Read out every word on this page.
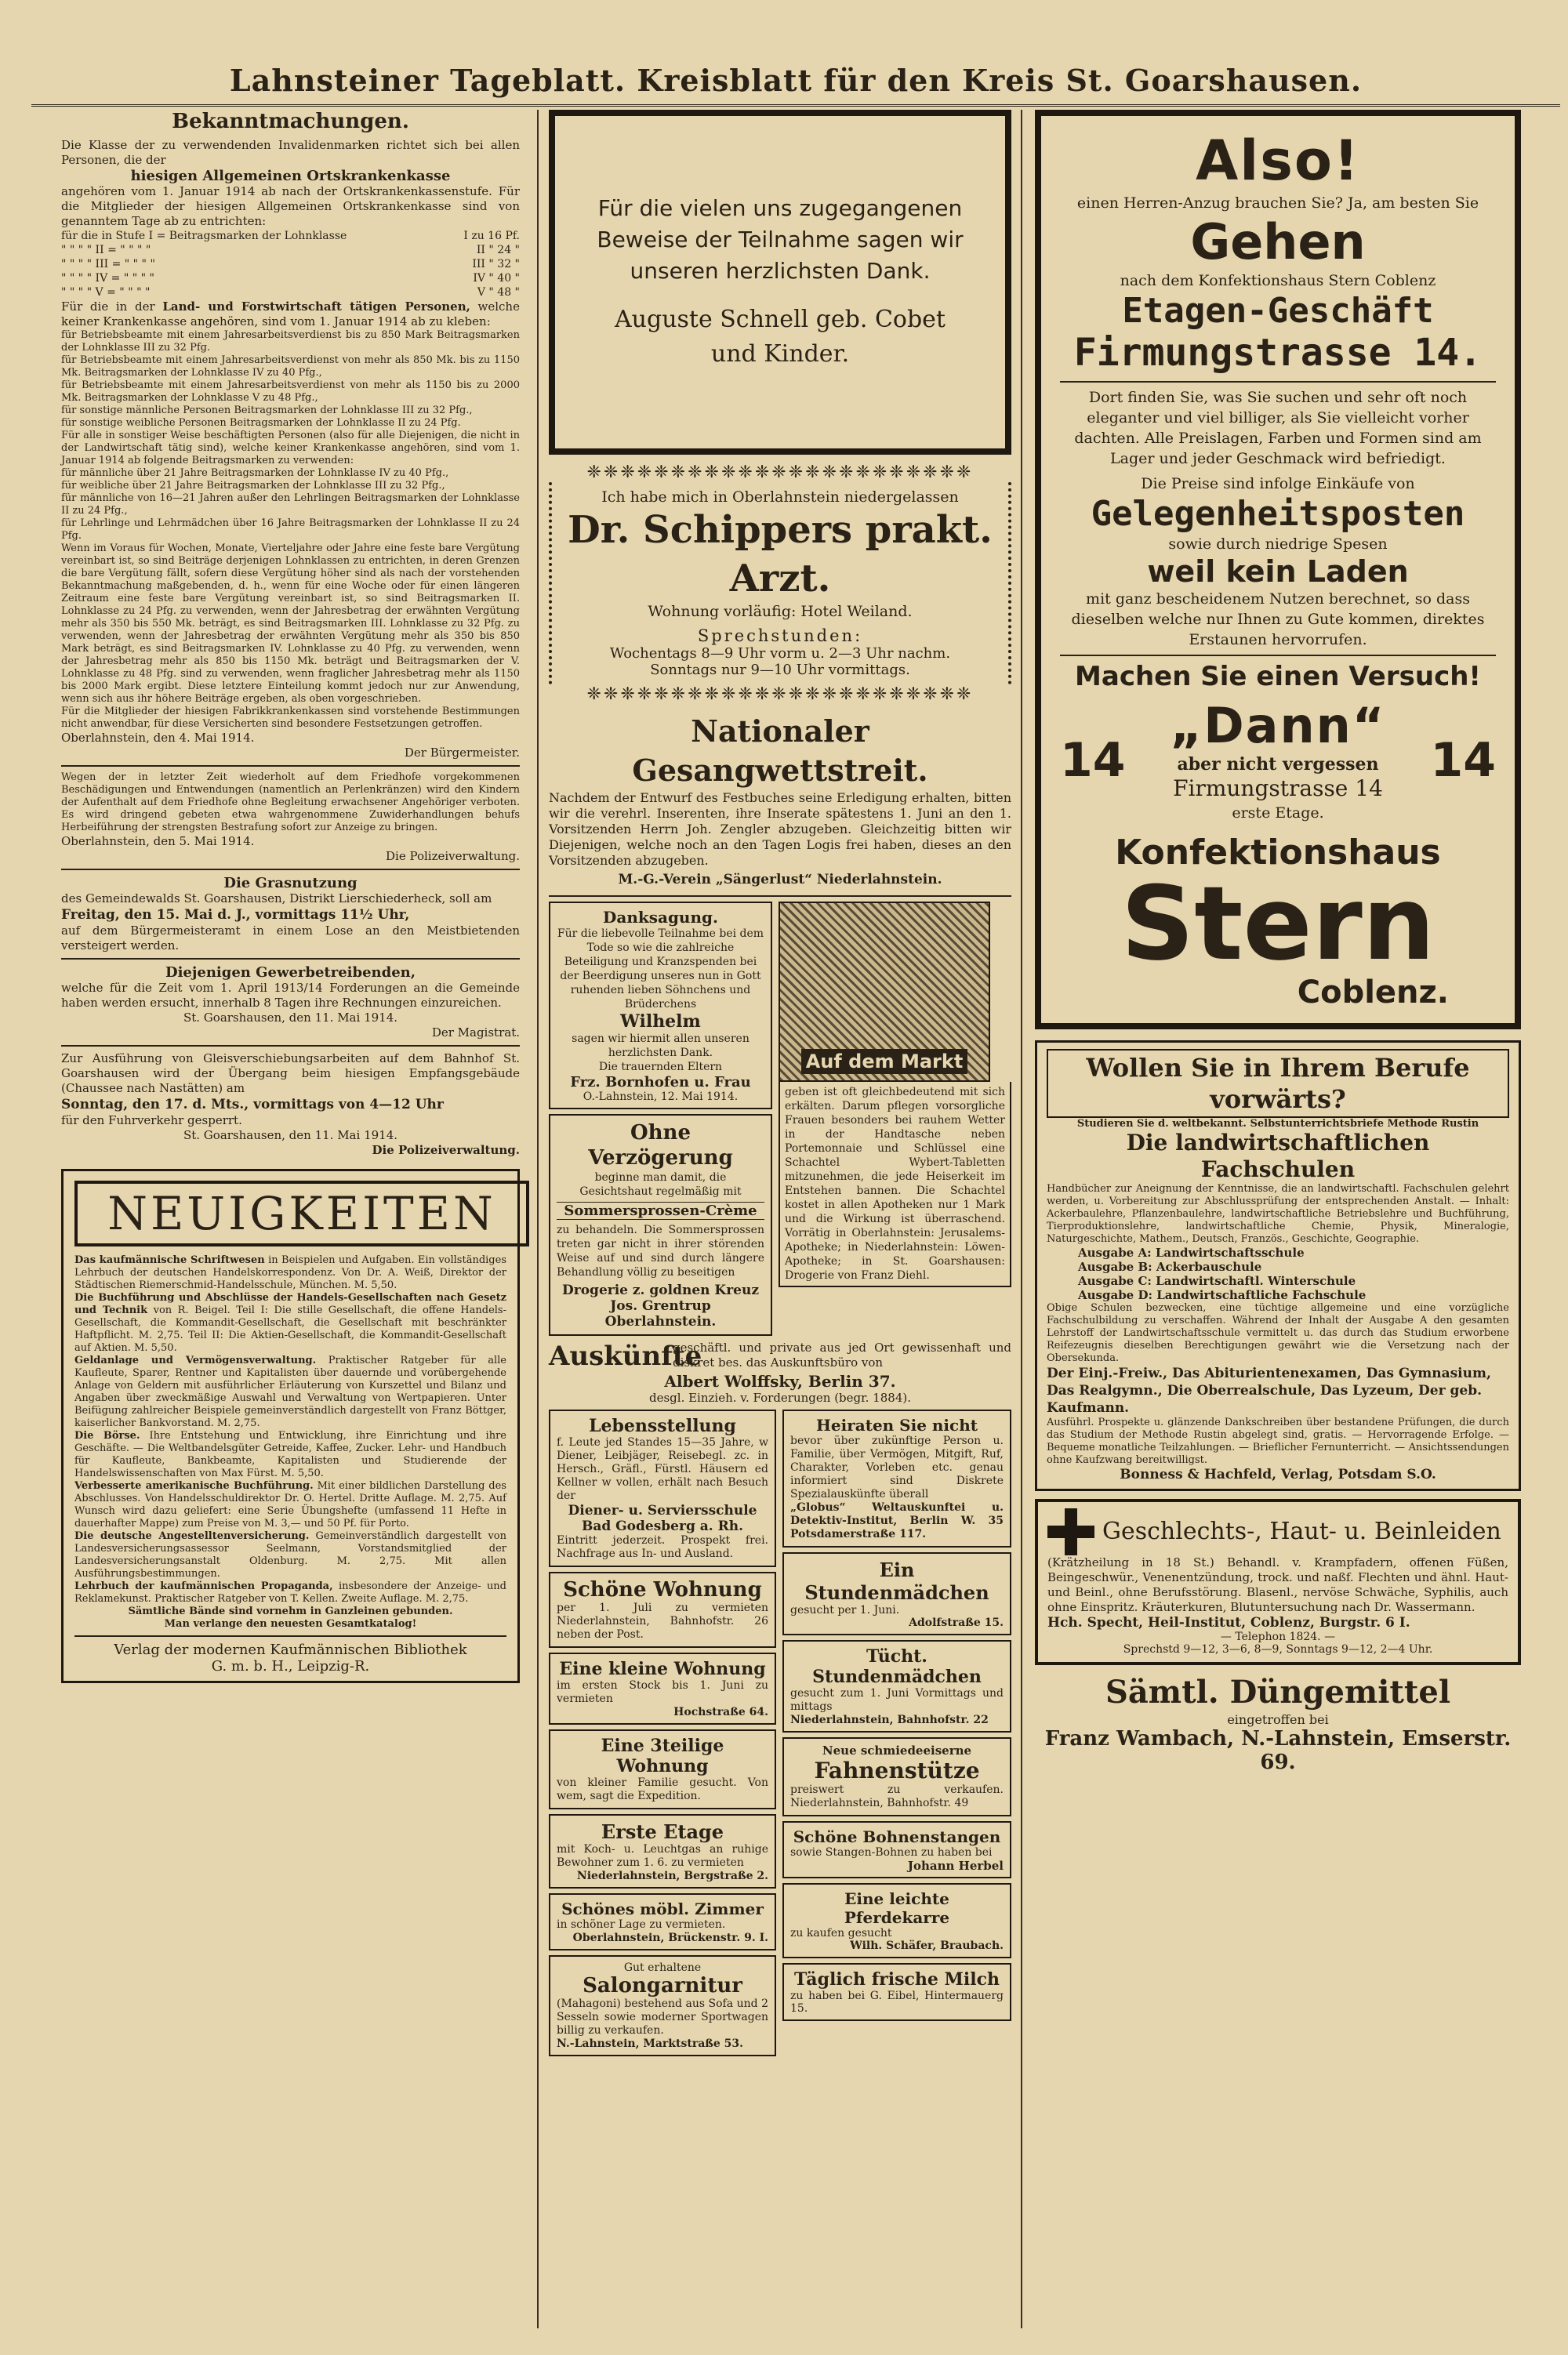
Lahnsteiner Tageblatt. Kreisblatt für den Kreis St. Goarshausen.
Bekanntmachungen.

Die Klasse der zu verwendenden Invalidenmarken richtet sich bei allen Personen, die der

hiesigen Allgemeinen Ortskrankenkasse

angehören vom 1. Januar 1914 ab nach der Ortskrankenkassenstufe. Für die Mitglieder der hiesigen Allgemeinen Ortskrankenkasse sind von genanntem Tage ab zu entrichten:

für die in Stufe I = Beitragsmarken der Lohnklasse	I zu 16 Pf.
" " " " II = " " " "	II " 24 "
" " " " III = " " " "	III " 32 "
" " " " IV = " " " "	IV " 40 "
" " " " V = " " " "	V " 48 "

Für die in der Land- und Forstwirtschaft tätigen Personen, welche keiner Krankenkasse angehören, sind vom 1. Januar 1914 ab zu kleben:

für Betriebsbeamte mit einem Jahresarbeitsverdienst bis zu 850 Mark Beitragsmarken der Lohnklasse III zu 32 Pfg.

für Betriebsbeamte mit einem Jahresarbeitsverdienst von mehr als 850 Mk. bis zu 1150 Mk. Beitragsmarken der Lohnklasse IV zu 40 Pfg.,

für Betriebsbeamte mit einem Jahresarbeitsverdienst von mehr als 1150 bis zu 2000 Mk. Beitragsmarken der Lohnklasse V zu 48 Pfg.,

für sonstige männliche Personen Beitragsmarken der Lohnklasse III zu 32 Pfg.,

für sonstige weibliche Personen Beitragsmarken der Lohnklasse II zu 24 Pfg.

Für alle in sonstiger Weise beschäftigten Personen (also für alle Diejenigen, die nicht in der Landwirtschaft tätig sind), welche keiner Krankenkasse angehören, sind vom 1. Januar 1914 ab folgende Beitragsmarken zu verwenden:

für männliche über 21 Jahre Beitragsmarken der Lohnklasse IV zu 40 Pfg.,

für weibliche über 21 Jahre Beitragsmarken der Lohnklasse III zu 32 Pfg.,

für männliche von 16—21 Jahren außer den Lehrlingen Beitragsmarken der Lohnklasse II zu 24 Pfg.,

für Lehrlinge und Lehrmädchen über 16 Jahre Beitragsmarken der Lohnklasse II zu 24 Pfg.

Wenn im Voraus für Wochen, Monate, Vierteljahre oder Jahre eine feste bare Vergütung vereinbart ist, so sind Beiträge derjenigen Lohnklassen zu entrichten, in deren Grenzen die bare Vergütung fällt, sofern diese Vergütung höher sind als nach der vorstehenden Bekanntmachung maßgebenden, d. h., wenn für eine Woche oder für einen längeren Zeitraum eine feste bare Vergütung vereinbart ist, so sind Beitragsmarken II. Lohnklasse zu 24 Pfg. zu verwenden, wenn der Jahresbetrag der erwähnten Vergütung mehr als 350 bis 550 Mk. beträgt, es sind Beitragsmarken III. Lohnklasse zu 32 Pfg. zu verwenden, wenn der Jahresbetrag der erwähnten Vergütung mehr als 350 bis 850 Mark beträgt, es sind Beitragsmarken IV. Lohnklasse zu 40 Pfg. zu verwenden, wenn der Jahresbetrag mehr als 850 bis 1150 Mk. beträgt und Beitragsmarken der V. Lohnklasse zu 48 Pfg. sind zu verwenden, wenn fraglicher Jahresbetrag mehr als 1150 bis 2000 Mark ergibt. Diese letztere Einteilung kommt jedoch nur zur Anwendung, wenn sich aus ihr höhere Beiträge ergeben, als oben vorgeschrieben.

Für die Mitglieder der hiesigen Fabrikkrankenkassen sind vorstehende Bestimmungen nicht anwendbar, für diese Versicherten sind besondere Festsetzungen getroffen.

Oberlahnstein, den 4. Mai 1914.

Der Bürgermeister.

Wegen der in letzter Zeit wiederholt auf dem Friedhofe vorgekommenen Beschädigungen und Entwendungen (namentlich an Perlenkränzen) wird den Kindern der Aufenthalt auf dem Friedhofe ohne Begleitung erwachsener Angehöriger verboten. Es wird dringend gebeten etwa wahrgenommene Zuwiderhandlungen behufs Herbeiführung der strengsten Bestrafung sofort zur Anzeige zu bringen.

Oberlahnstein, den 5. Mai 1914.

Die Polizeiverwaltung.

Die Grasnutzung

des Gemeindewalds St. Goarshausen, Distrikt Lierschiederheck, soll am

Freitag, den 15. Mai d. J., vormittags 11½ Uhr,

auf dem Bürgermeisteramt in einem Lose an den Meistbietenden versteigert werden.

Diejenigen Gewerbetreibenden,

welche für die Zeit vom 1. April 1913/14 Forderungen an die Gemeinde haben werden ersucht, innerhalb 8 Tagen ihre Rechnungen einzureichen.

St. Goarshausen, den 11. Mai 1914.

Der Magistrat.

Zur Ausführung von Gleisverschiebungsarbeiten auf dem Bahnhof St. Goarshausen wird der Übergang beim hiesigen Empfangsgebäude (Chaussee nach Nastätten) am

Sonntag, den 17. d. Mts., vormittags von 4—12 Uhr

für den Fuhrverkehr gesperrt.

St. Goarshausen, den 11. Mai 1914.

Die Polizeiverwaltung.

NEUIGKEITEN

Das kaufmännische Schriftwesen in Beispielen und Aufgaben. Ein vollständiges Lehrbuch der deutschen Handelskorrespondenz. Von Dr. A. Weiß, Direktor der Städtischen Riemerschmid-Handelsschule, München. M. 5,50.

Die Buchführung und Abschlüsse der Handels-Gesellschaften nach Gesetz und Technik von R. Beigel. Teil I: Die stille Gesellschaft, die offene Handels-Gesellschaft, die Kommandit-Gesellschaft, die Gesellschaft mit beschränkter Haftpflicht. M. 2,75. Teil II: Die Aktien-Gesellschaft, die Kommandit-Gesellschaft auf Aktien. M. 5,50.

Geldanlage und Vermögensverwaltung. Praktischer Ratgeber für alle Kaufleute, Sparer, Rentner und Kapitalisten über dauernde und vorübergehende Anlage von Geldern mit ausführlicher Erläuterung von Kurszettel und Bilanz und Angaben über zweckmäßige Auswahl und Verwaltung von Wertpapieren. Unter Beifügung zahlreicher Beispiele gemeinverständlich dargestellt von Franz Böttger, kaiserlicher Bankvorstand. M. 2,75.

Die Börse. Ihre Entstehung und Entwicklung, ihre Einrichtung und ihre Geschäfte. — Die Weltbandelsgüter Getreide, Kaffee, Zucker. Lehr- und Handbuch für Kaufleute, Bankbeamte, Kapitalisten und Studierende der Handelswissenschaften von Max Fürst. M. 5,50.

Verbesserte amerikanische Buchführung. Mit einer bildlichen Darstellung des Abschlusses. Von Handelsschuldirektor Dr. O. Hertel. Dritte Auflage. M. 2,75. Auf Wunsch wird dazu geliefert: eine Serie Übungshefte (umfassend 11 Hefte in dauerhafter Mappe) zum Preise von M. 3,— und 50 Pf. für Porto.

Die deutsche Angestelltenversicherung. Gemeinverständlich dargestellt von Landesversicherungsassessor Seelmann, Vorstandsmitglied der Landesversicherungsanstalt Oldenburg. M. 2,75. Mit allen Ausführungsbestimmungen.

Lehrbuch der kaufmännischen Propaganda, insbesondere der Anzeige- und Reklamekunst. Praktischer Ratgeber von T. Kellen. Zweite Auflage. M. 2,75.

Sämtliche Bände sind vornehm in Ganzleinen gebunden.

Man verlange den neuesten Gesamtkatalog!

Verlag der modernen Kaufmännischen Bibliothek

G. m. b. H., Leipzig-R.

Für die vielen uns zugegangenen

Beweise der Teilnahme sagen wir

unseren herzlichsten Dank.

Auguste Schnell geb. Cobet

und Kinder.

❈❈❈❈❈❈❈❈❈❈❈❈❈❈❈❈❈❈❈❈❈❈❈

Ich habe mich in Oberlahnstein niedergelassen

Dr. Schippers prakt. Arzt.

Wohnung vorläufig: Hotel Weiland.

Sprechstunden:

Wochentags 8—9 Uhr vorm u. 2—3 Uhr nachm.

Sonntags nur 9—10 Uhr vormittags.

❈❈❈❈❈❈❈❈❈❈❈❈❈❈❈❈❈❈❈❈❈❈❈

Nationaler Gesangwettstreit.

Nachdem der Entwurf des Festbuches seine Erledigung erhalten, bitten wir die verehrl. Inserenten, ihre Inserate spätestens 1. Juni an den 1. Vorsitzenden Herrn Joh. Zengler abzugeben. Gleichzeitig bitten wir Diejenigen, welche noch an den Tagen Logis frei haben, dieses an den Vorsitzenden abzugeben.

M.-G.-Verein „Sängerlust“ Niederlahnstein.

Danksagung.

Für die liebevolle Teilnahme bei dem Tode so wie die zahlreiche Beteiligung und Kranzspenden bei der Beerdigung unseres nun in Gott ruhenden lieben Söhnchens und Brüderchens

Wilhelm

sagen wir hiermit allen unseren herzlichsten Dank.

Die trauernden Eltern

Frz. Bornhofen u. Frau

O.-Lahnstein, 12. Mai 1914.

Ohne Verzögerung

beginne man damit, die Gesichtshaut regelmäßig mit

Sommersprossen-Crème

zu behandeln. Die Sommersprossen treten gar nicht in ihrer störenden Weise auf und sind durch längere Behandlung völlig zu beseitigen

Drogerie z. goldnen Kreuz

Jos. Grentrup Oberlahnstein.

Auf dem Markt

geben ist oft gleichbedeutend mit sich erkälten. Darum pflegen vorsorgliche Frauen besonders bei rauhem Wetter in der Handtasche neben Portemonnaie und Schlüssel eine Schachtel Wybert-Tabletten mitzunehmen, die jede Heiserkeit im Entstehen bannen. Die Schachtel kostet in allen Apotheken nur 1 Mark und die Wirkung ist überraschend. Vorrätig in Oberlahnstein: Jerusalems-Apotheke; in Niederlahnstein: Löwen-Apotheke; in St. Goarshausen: Drogerie von Franz Diehl.

Auskünfte

geschäftl. und private aus jed Ort gewissenhaft und diskret bes. das Auskunftsbüro von

Albert Wolffsky, Berlin 37.

desgl. Einzieh. v. Forderungen (begr. 1884).

Lebensstellung

f. Leute jed Standes 15—35 Jahre, w Diener, Leibjäger, Reisebegl. zc. in Hersch., Gräfl., Fürstl. Häusern ed Kellner w vollen, erhält nach Besuch der

Diener- u. Serviersschule

Bad Godesberg a. Rh.

Eintritt jederzeit. Prospekt frei. Nachfrage aus In- und Ausland.

Schöne Wohnung

per 1. Juli zu vermieten Niederlahnstein, Bahnhofstr. 26 neben der Post.

Eine kleine Wohnung

im ersten Stock bis 1. Juni zu vermieten

Hochstraße 64.

Eine 3teilige Wohnung

von kleiner Familie gesucht. Von wem, sagt die Expedition.

Erste Etage

mit Koch- u. Leuchtgas an ruhige Bewohner zum 1. 6. zu vermieten

Niederlahnstein, Bergstraße 2.

Schönes möbl. Zimmer

in schöner Lage zu vermieten.

Oberlahnstein, Brückenstr. 9. I.

Gut erhaltene

Salongarnitur

(Mahagoni) bestehend aus Sofa und 2 Sesseln sowie moderner Sportwagen billig zu verkaufen.

N.-Lahnstein, Marktstraße 53.

Heiraten Sie nicht

bevor über zukünftige Person u. Familie, über Vermögen, Mitgift, Ruf, Charakter, Vorleben etc. genau informiert sind Diskrete Spezialauskünfte überall

„Globus“ Weltauskunftei u. Detektiv-Institut, Berlin W. 35 Potsdamerstraße 117.

Ein Stundenmädchen

gesucht per 1. Juni.

Adolfstraße 15.

Tücht. Stundenmädchen

gesucht zum 1. Juni Vormittags und mittags

Niederlahnstein, Bahnhofstr. 22

Neue schmiedeeiserne

Fahnenstütze

preiswert zu verkaufen. Niederlahnstein, Bahnhofstr. 49

Schöne Bohnenstangen

sowie Stangen-Bohnen zu haben bei

Johann Herbel

Eine leichte Pferdekarre

zu kaufen gesucht

Wilh. Schäfer, Braubach.

Täglich frische Milch

zu haben bei G. Eibel, Hintermauerg 15.

Also!

einen Herren-Anzug brauchen Sie? Ja, am besten Sie

Gehen

nach dem Konfektionshaus Stern Coblenz

Etagen-Geschäft
Firmungstrasse 14.

Dort finden Sie, was Sie suchen und sehr oft noch eleganter und viel billiger, als Sie vielleicht vorher dachten. Alle Preislagen, Farben und Formen sind am Lager und jeder Geschmack wird befriedigt.

Die Preise sind infolge Einkäufe von

Gelegenheitsposten

sowie durch niedrige Spesen

weil kein Laden

mit ganz bescheidenem Nutzen berechnet, so dass dieselben welche nur Ihnen zu Gute kommen, direktes Erstaunen hervorrufen.

Machen Sie einen Versuch!
14
„Dann“

aber nicht vergessen

Firmungstrasse 14

erste Etage.

14
Konfektionshaus
Stern
Coblenz.

Wollen Sie in Ihrem Berufe vorwärts?

Studieren Sie d. weltbekannt. Selbstunterrichtsbriefe Methode Rustin

Die landwirtschaftlichen Fachschulen

Handbücher zur Aneignung der Kenntnisse, die an landwirtschaftl. Fachschulen gelehrt werden, u. Vorbereitung zur Abschlussprüfung der entsprechenden Anstalt. — Inhalt: Ackerbaulehre, Pflanzenbaulehre, landwirtschaftliche Betriebslehre und Buchführung, Tierproduktionslehre, landwirtschaftliche Chemie, Physik, Mineralogie, Naturgeschichte, Mathem., Deutsch, Französ., Geschichte, Geographie.

Ausgabe A: Landwirtschaftsschule

Ausgabe B: Ackerbauschule

Ausgabe C: Landwirtschaftl. Winterschule

Ausgabe D: Landwirtschaftliche Fachschule

Obige Schulen bezwecken, eine tüchtige allgemeine und eine vorzügliche Fachschulbildung zu verschaffen. Während der Inhalt der Ausgabe A den gesamten Lehrstoff der Landwirtschaftsschule vermittelt u. das durch das Studium erworbene Reifezeugnis dieselben Berechtigungen gewährt wie die Versetzung nach der Obersekunda.

Der Einj.-Freiw., Das Abiturientenexamen, Das Gymnasium, Das Realgymn., Die Oberrealschule, Das Lyzeum, Der geb. Kaufmann.

Ausführl. Prospekte u. glänzende Dankschreiben über bestandene Prüfungen, die durch das Studium der Methode Rustin abgelegt sind, gratis. — Hervorragende Erfolge. — Bequeme monatliche Teilzahlungen. — Brieflicher Fernunterricht. — Ansichtssendungen ohne Kaufzwang bereitwilligst.

Bonness & Hachfeld, Verlag, Potsdam S.O.

Geschlechts-, Haut- u. Beinleiden

(Krätzheilung in 18 St.) Behandl. v. Krampfadern, offenen Füßen, Beingeschwür., Venenentzündung, trock. und naßf. Flechten und ähnl. Haut- und Beinl., ohne Berufsstörung. Blasenl., nervöse Schwäche, Syphilis, auch ohne Einspritz. Kräuterkuren, Blutuntersuchung nach Dr. Wassermann.

Hch. Specht, Heil-Institut, Coblenz, Burgstr. 6 I.

— Telephon 1824. —

Sprechstd 9—12, 3—6, 8—9, Sonntags 9—12, 2—4 Uhr.

Sämtl. Düngemittel

eingetroffen bei

Franz Wambach, N.-Lahnstein, Emserstr. 69.
